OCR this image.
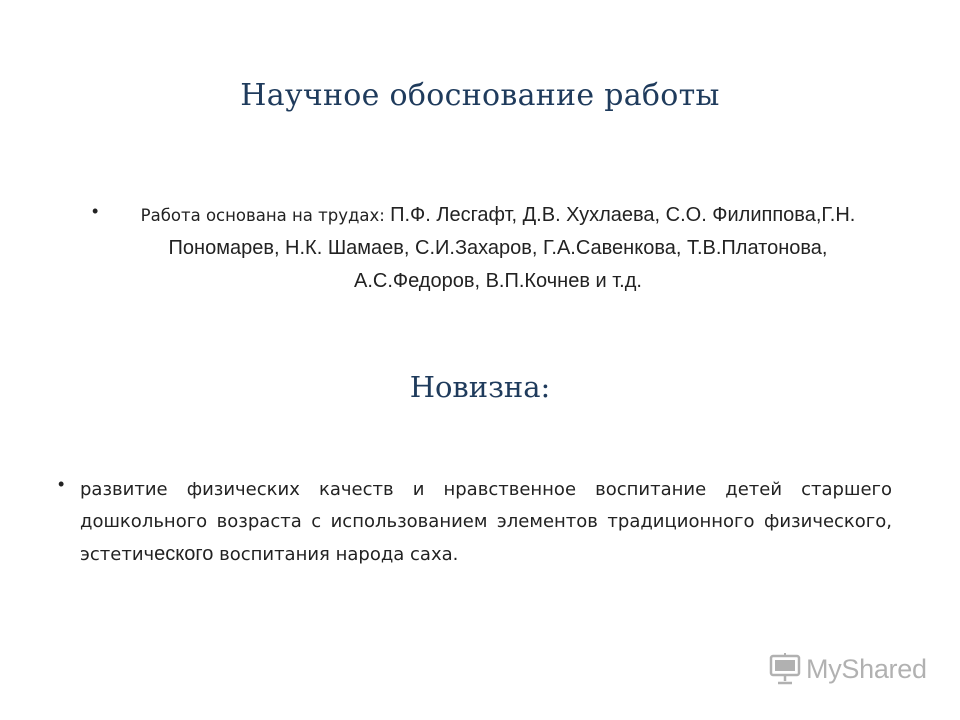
Научное обоснование работы
•	Работа основана на трудах: П.Ф. Лесгафт, Д.В. Хухлаева, С.О. Филиппова,Г.Н. Пономарев, Н.К. Шамаев, С.И.Захаров, Г.А.Савенкова, Т.В.Платонова, А.С.Федоров, В.П.Кочнев и т.д.
Новизна:
• развитие физических качеств и нравственное воспитание детей старшего дошкольного возраста с использованием элементов традиционного физического, эстетического воспитания народа саха.
MyShared
